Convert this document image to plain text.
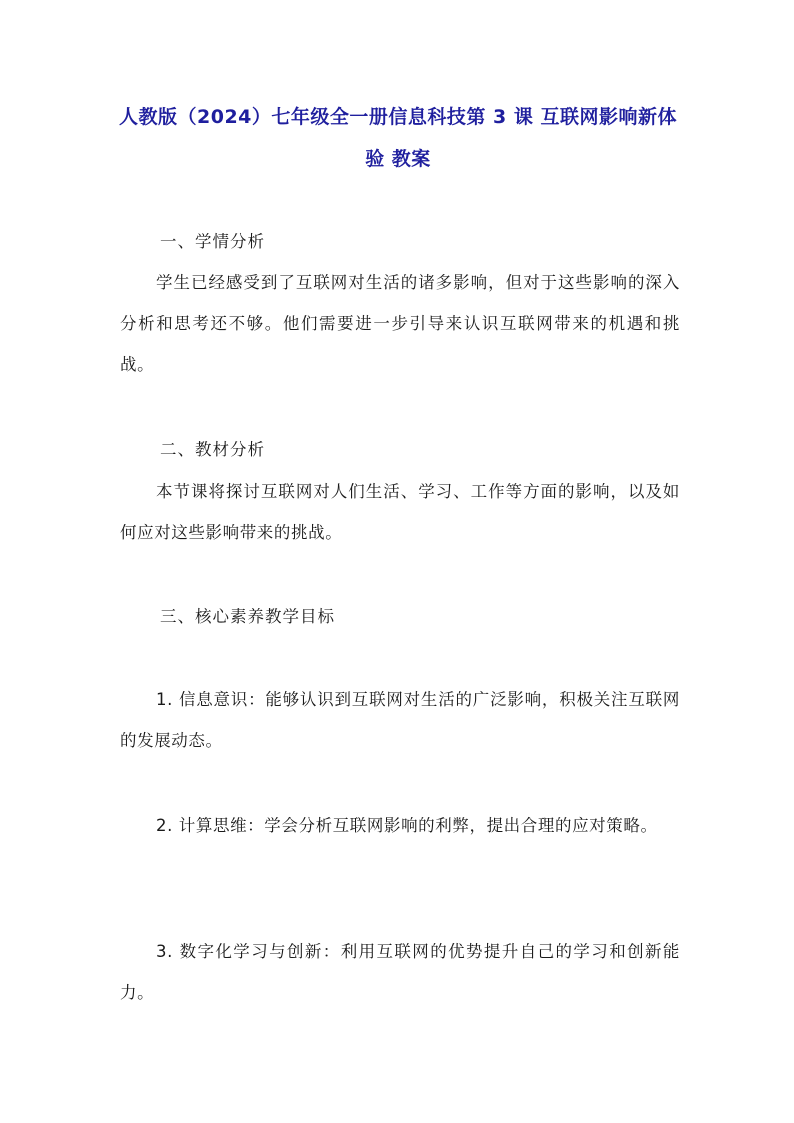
人教版（2024）七年级全一册信息科技第 3 课 互联网影响新体验 教案
一、学情分析
学生已经感受到了互联网对生活的诸多影响，但对于这些影响的深入分析和思考还不够。他们需要进一步引导来认识互联网带来的机遇和挑战。
二、教材分析
本节课将探讨互联网对人们生活、学习、工作等方面的影响，以及如何应对这些影响带来的挑战。
三、核心素养教学目标
1. 信息意识：能够认识到互联网对生活的广泛影响，积极关注互联网的发展动态。
2. 计算思维：学会分析互联网影响的利弊，提出合理的应对策略。
3. 数字化学习与创新：利用互联网的优势提升自己的学习和创新能力。
